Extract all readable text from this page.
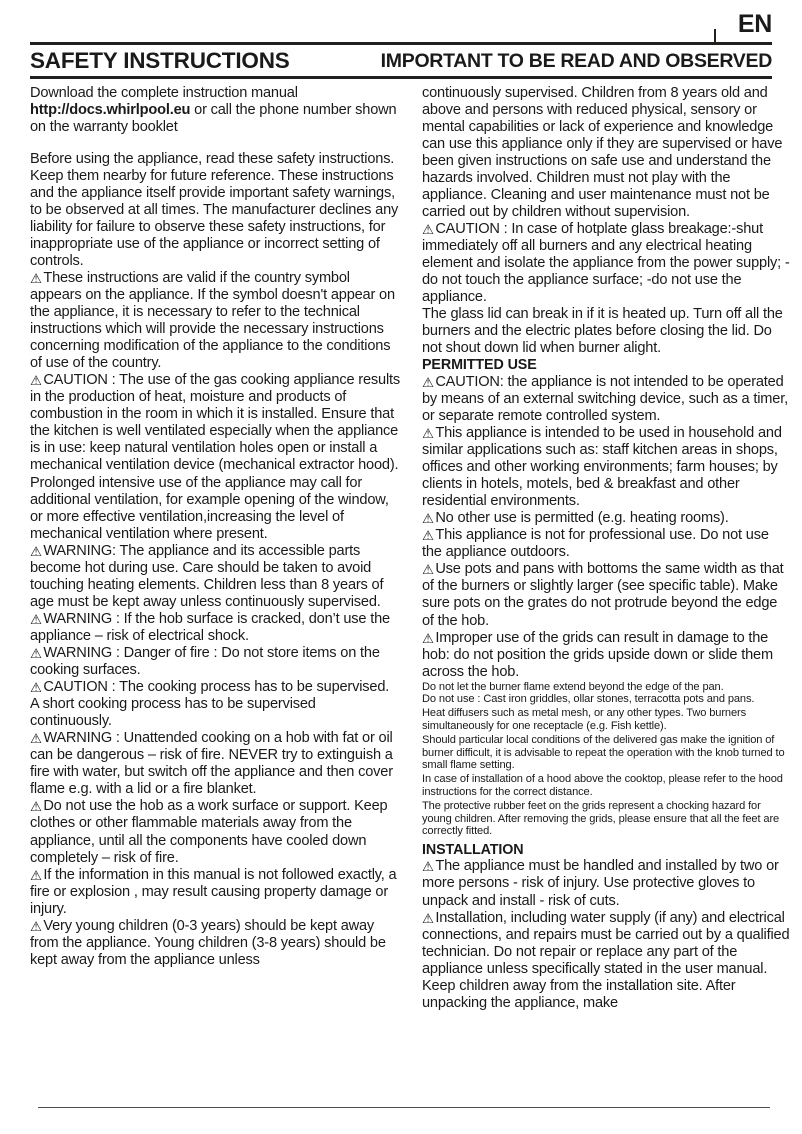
EN
SAFETY INSTRUCTIONS	IMPORTANT TO BE READ AND OBSERVED

Download the complete instruction manual http://docs.whirlpool.eu or call the phone number shown on the warranty booklet

Before using the appliance, read these safety instructions. Keep them nearby for future reference. These instructions and the appliance itself provide important safety warnings, to be observed at all times. The manufacturer declines any liability for failure to observe these safety instructions, for inappropriate use of the appliance or incorrect setting of controls.

⚠ These instructions are valid if the country symbol appears on the appliance. If the symbol doesn't appear on the appliance, it is necessary to refer to the technical instructions which will provide the necessary instructions concerning modification of the appliance to the conditions of use of the country.

⚠ CAUTION : The use of the gas cooking appliance results in the production of heat, moisture and products of combustion in the room in which it is installed. Ensure that the kitchen is well ventilated especially when the appliance is in use: keep natural ventilation holes open or install a mechanical ventilation device (mechanical extractor hood). Prolonged intensive use of the appliance may call for additional ventilation, for example opening of the window, or more effective ventilation,increasing the level of mechanical ventilation where present.

⚠ WARNING: The appliance and its accessible parts become hot during use. Care should be taken to avoid touching heating elements. Children less than 8 years of age must be kept away unless continuously supervised.

⚠ WARNING : If the hob surface is cracked, don’t use the appliance – risk of electrical shock.

⚠ WARNING : Danger of fire : Do not store items on the cooking surfaces.

⚠ CAUTION : The cooking process has to be supervised. A short cooking process has to be supervised continuously.

⚠ WARNING : Unattended cooking on a hob with fat or oil can be dangerous – risk of fire. NEVER try to extinguish a fire with water, but switch off the appliance and then cover flame e.g. with a lid or a fire blanket.

⚠ Do not use the hob as a work surface or support. Keep clothes or other flammable materials away from the appliance, until all the components have cooled down completely – risk of fire.

⚠ If the information in this manual is not followed exactly, a fire or explosion , may result causing property damage or injury.

⚠ Very young children (0-3 years) should be kept away from the appliance. Young children (3-8 years) should be kept away from the appliance unless

continuously supervised. Children from 8 years old and above and persons with reduced physical, sensory or mental capabilities or lack of experience and knowledge can use this appliance only if they are supervised or have been given instructions on safe use and understand the hazards involved. Children must not play with the appliance. Cleaning and user maintenance must not be carried out by children without supervision.

⚠ CAUTION : In case of hotplate glass breakage:-shut immediately off all burners and any electrical heating element and isolate the appliance from the power supply; - do not touch the appliance surface; -do not use the appliance.

The glass lid can break in if it is heated up. Turn off all the burners and the electric plates before closing the lid. Do not shout down lid when burner alight.

PERMITTED USE

⚠ CAUTION: the appliance is not intended to be operated by means of an external switching device, such as a timer, or separate remote controlled system.

⚠ This appliance is intended to be used in household and similar applications such as: staff kitchen areas in shops, offices and other working environments; farm houses; by clients in hotels, motels, bed & breakfast and other residential environments.

⚠ No other use is permitted (e.g. heating rooms).

⚠ This appliance is not for professional use. Do not use the appliance outdoors.

⚠ Use pots and pans with bottoms the same width as that of the burners or slightly larger (see specific table). Make sure pots on the grates do not protrude beyond the edge of the hob.

⚠ Improper use of the grids can result in damage to the hob: do not position the grids upside down or slide them across the hob.

Do not let the burner flame extend beyond the edge of the pan.

Do not use : Cast iron griddles, ollar stones, terracotta pots and pans.

Heat diffusers such as metal mesh, or any other types. Two burners simultaneously for one receptacle (e.g. Fish kettle).

Should particular local conditions of the delivered gas make the ignition of burner difficult, it is advisable to repeat the operation with the knob turned to small flame setting.

In case of installation of a hood above the cooktop, please refer to the hood instructions for the correct distance.

The protective rubber feet on the grids represent a chocking hazard for young children. After removing the grids, please ensure that all the feet are correctly fitted.

INSTALLATION

⚠ The appliance must be handled and installed by two or more persons - risk of injury. Use protective gloves to unpack and install - risk of cuts.

⚠ Installation, including water supply (if any) and electrical connections, and repairs must be carried out by a qualified technician. Do not repair or replace any part of the appliance unless specifically stated in the user manual. Keep children away from the installation site. After unpacking the appliance, make
